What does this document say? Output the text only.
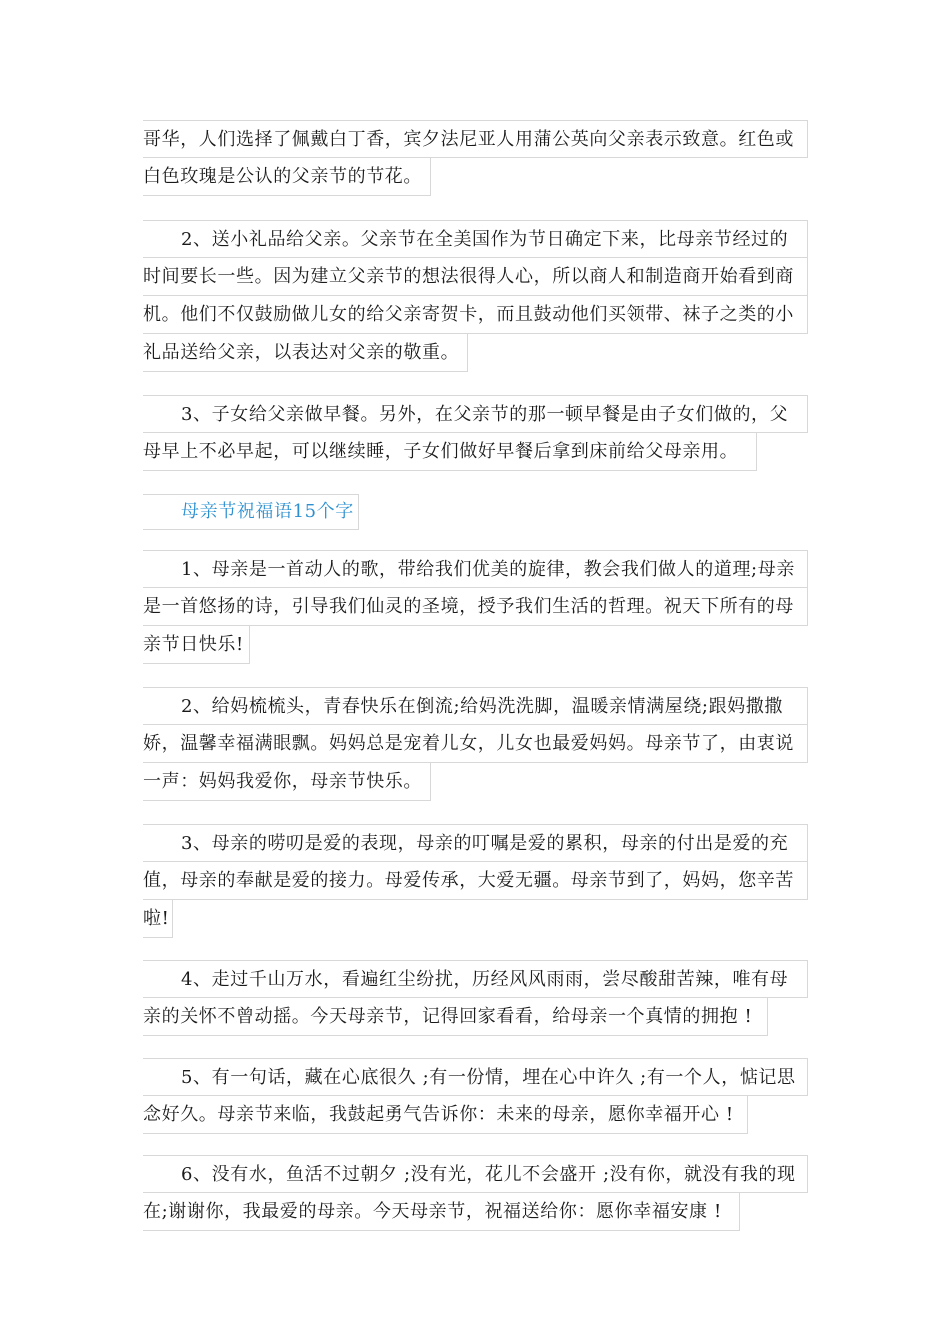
哥华，人们选择了佩戴白丁香，宾夕法尼亚人用蒲公英向父亲表示致意。红色或
白色玫瑰是公认的父亲节的节花。
2、送小礼品给父亲。父亲节在全美国作为节日确定下来，比母亲节经过的
时间要长一些。因为建立父亲节的想法很得人心，所以商人和制造商开始看到商
机。他们不仅鼓励做儿女的给父亲寄贺卡，而且鼓动他们买领带、袜子之类的小
礼品送给父亲，以表达对父亲的敬重。
3、子女给父亲做早餐。另外，在父亲节的那一顿早餐是由子女们做的，父
母早上不必早起，可以继续睡，子女们做好早餐后拿到床前给父母亲用。
母亲节祝福语15个字
1、母亲是一首动人的歌，带给我们优美的旋律，教会我们做人的道理;母亲
是一首悠扬的诗，引导我们仙灵的圣境，授予我们生活的哲理。祝天下所有的母
亲节日快乐!
2、给妈梳梳头，青春快乐在倒流;给妈洗洗脚，温暖亲情满屋绕;跟妈撒撒
娇，温馨幸福满眼飘。妈妈总是宠着儿女，儿女也最爱妈妈。母亲节了，由衷说
一声：妈妈我爱你，母亲节快乐。
3、母亲的唠叨是爱的表现，母亲的叮嘱是爱的累积，母亲的付出是爱的充
值，母亲的奉献是爱的接力。母爱传承，大爱无疆。母亲节到了，妈妈，您辛苦
啦!
4、走过千山万水，看遍红尘纷扰，历经风风雨雨，尝尽酸甜苦辣，唯有母
亲的关怀不曾动摇。今天母亲节，记得回家看看，给母亲一个真情的拥抱 !
5、有一句话，藏在心底很久 ;有一份情，埋在心中许久 ;有一个人，惦记思
念好久。母亲节来临，我鼓起勇气告诉你：未来的母亲，愿你幸福开心 !
6、没有水，鱼活不过朝夕 ;没有光，花儿不会盛开 ;没有你，就没有我的现
在;谢谢你，我最爱的母亲。今天母亲节，祝福送给你：愿你幸福安康 !
